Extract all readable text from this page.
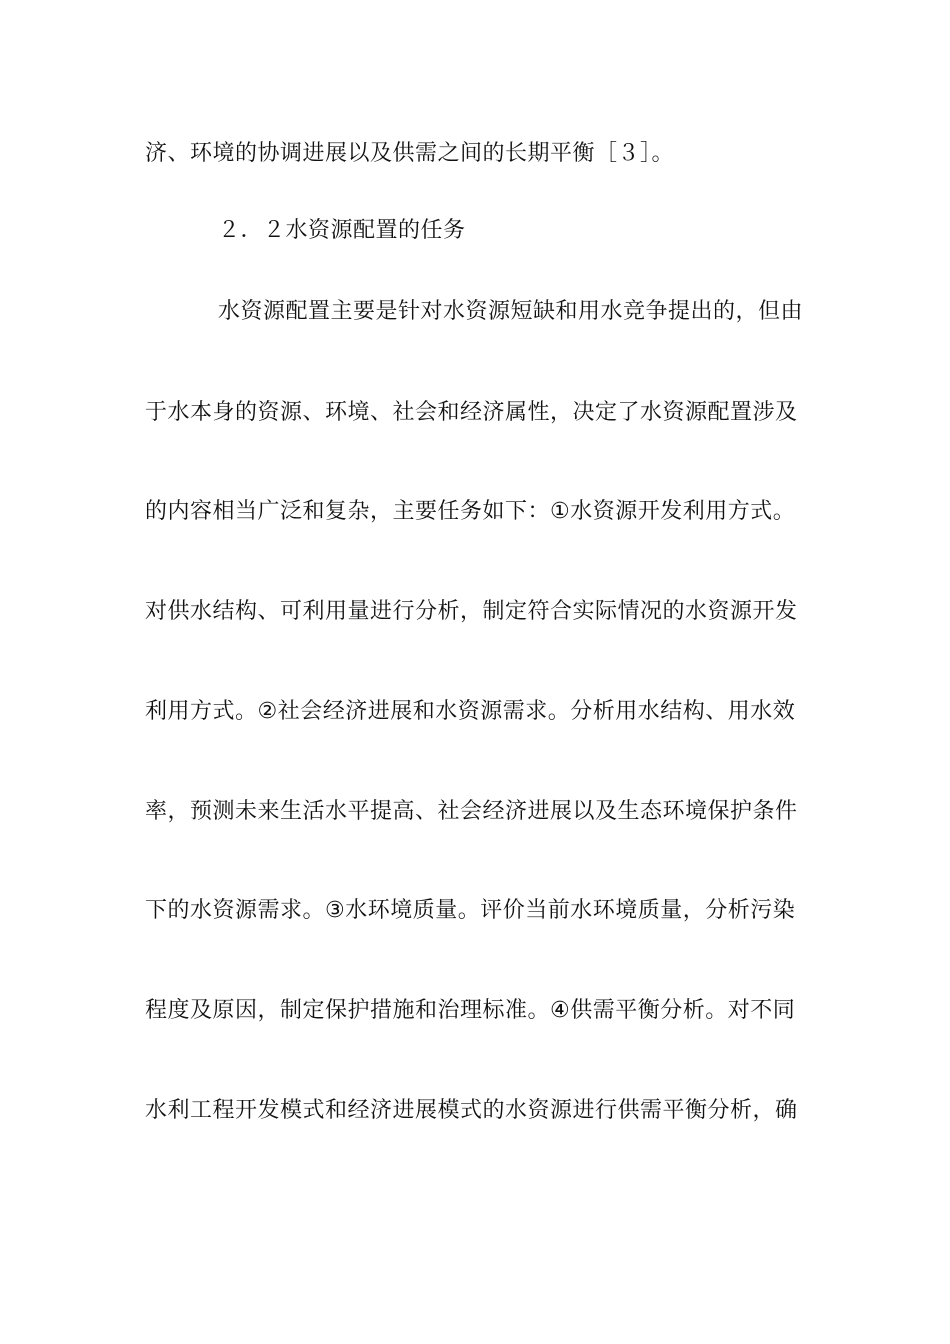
济、环境的协调进展以及供需之间的长期平衡［３］。
２．２水资源配置的任务
水资源配置主要是针对水资源短缺和用水竞争提出的，但由
于水本身的资源、环境、社会和经济属性，决定了水资源配置涉及
的内容相当广泛和复杂，主要任务如下：①水资源开发利用方式。
对供水结构、可利用量进行分析，制定符合实际情况的水资源开发
利用方式。②社会经济进展和水资源需求。分析用水结构、用水效
率，预测未来生活水平提高、社会经济进展以及生态环境保护条件
下的水资源需求。③水环境质量。评价当前水环境质量，分析污染
程度及原因，制定保护措施和治理标准。④供需平衡分析。对不同
水利工程开发模式和经济进展模式的水资源进行供需平衡分析，确
